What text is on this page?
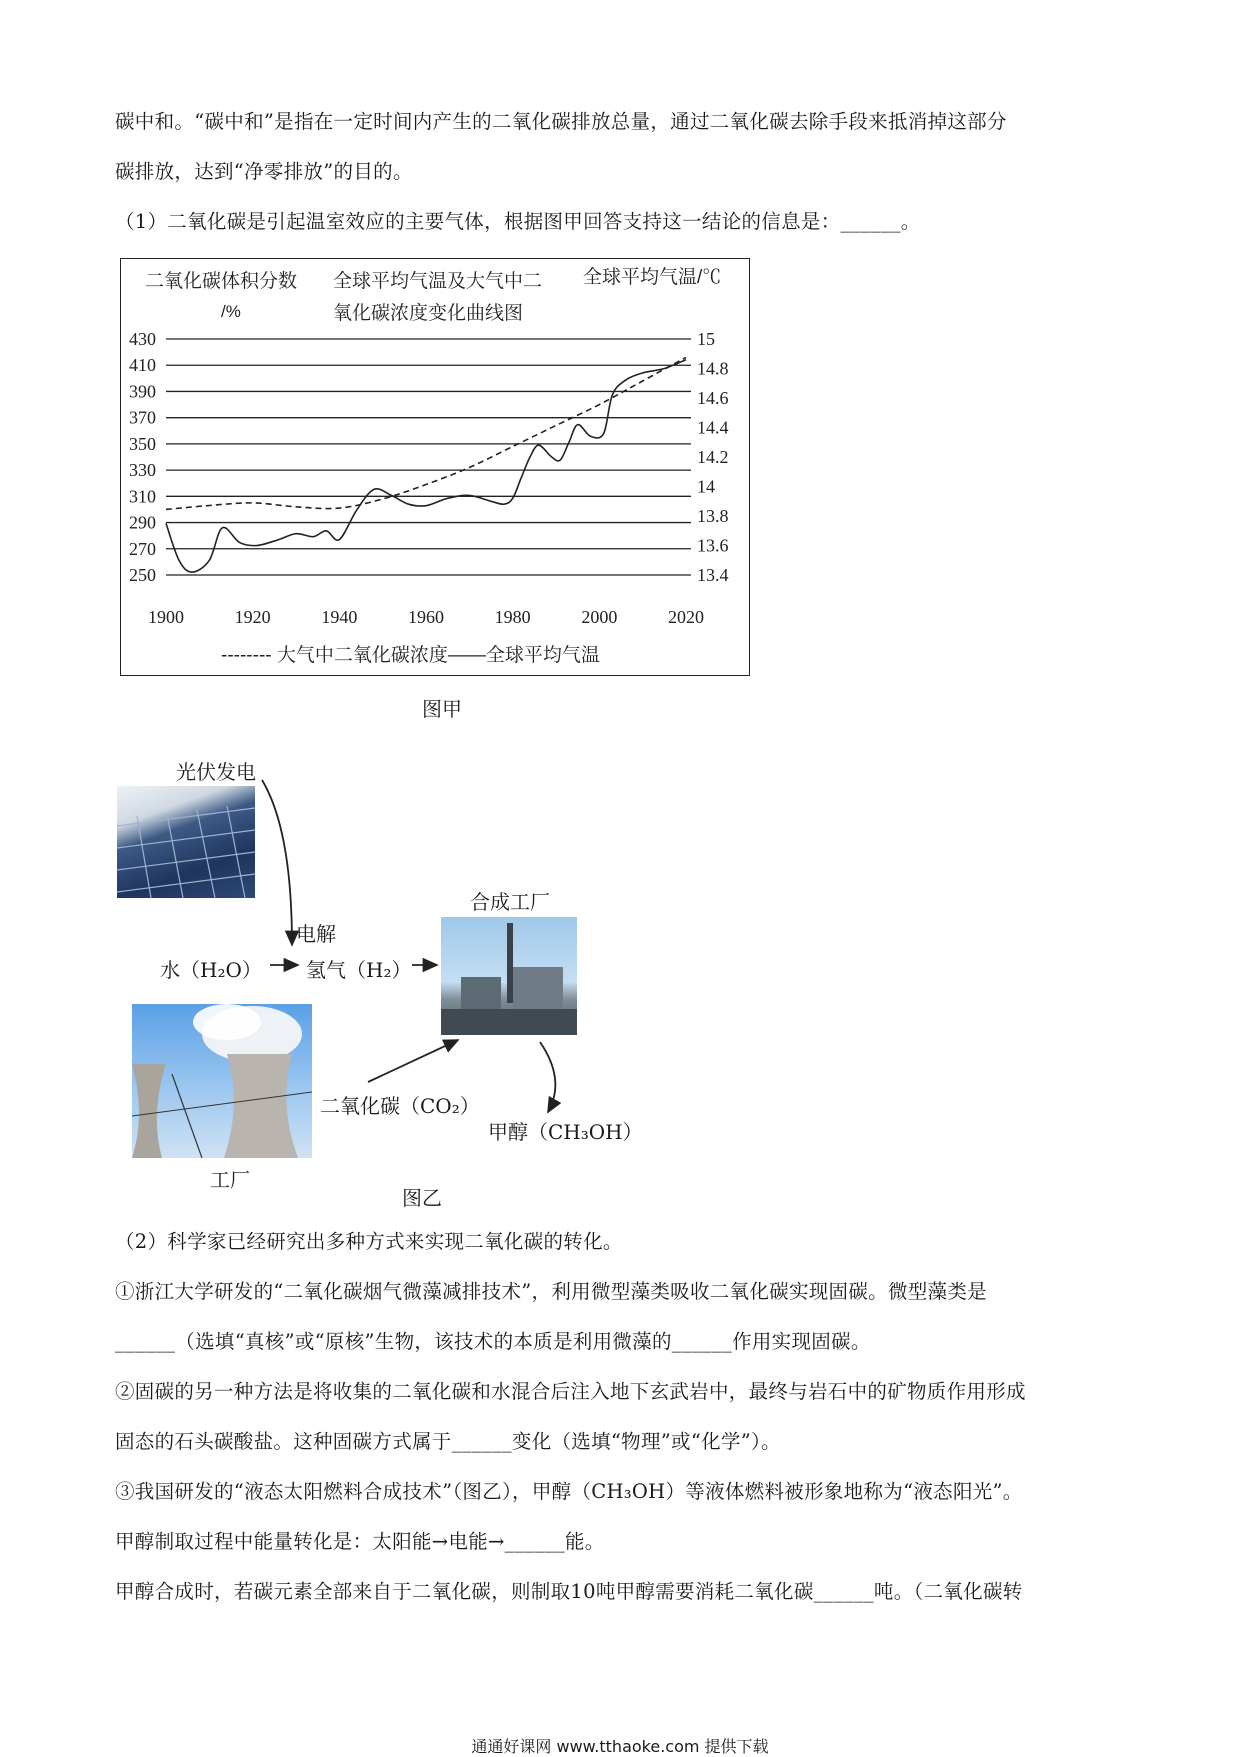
碳中和。“碳中和”是指在一定时间内产生的二氧化碳排放总量，通过二氧化碳去除手段来抵消掉这部分
碳排放，达到“净零排放”的目的。
（1）二氧化碳是引起温室效应的主要气体，根据图甲回答支持这一结论的信息是：______。
430
410
390
370
350
330
310
290
270
250
15
14.8
14.6
14.4
14.2
14
13.8
13.6
13.4
1900	1920	1940	1960	1980	2000	2020
二氧化碳体积分数
/%
全球平均气温及大气中二
氧化碳浓度变化曲线图
全球平均气温/℃
-------- 大气中二氧化碳浓度——全球平均气温
图甲
光伏发电
电解
水（H₂O） 氢气（H₂）
合成工厂
工厂
二氧化碳（CO₂）
甲醇（CH₃OH）
图乙
（2）科学家已经研究出多种方式来实现二氧化碳的转化。
①浙江大学研发的“二氧化碳烟气微藻减排技术”，利用微型藻类吸收二氧化碳实现固碳。微型藻类是
______（选填“真核”或“原核”生物，该技术的本质是利用微藻的______作用实现固碳。
②固碳的另一种方法是将收集的二氧化碳和水混合后注入地下玄武岩中，最终与岩石中的矿物质作用形成
固态的石头碳酸盐。这种固碳方式属于______变化（选填“物理”或“化学”）。
③我国研发的“液态太阳燃料合成技术”（图乙），甲醇（CH₃OH）等液体燃料被形象地称为“液态阳光”。
甲醇制取过程中能量转化是：太阳能→电能→______能。
甲醇合成时，若碳元素全部来自于二氧化碳，则制取10吨甲醇需要消耗二氧化碳______吨。（二氧化碳转
通通好课网 www.tthaoke.com 提供下载
